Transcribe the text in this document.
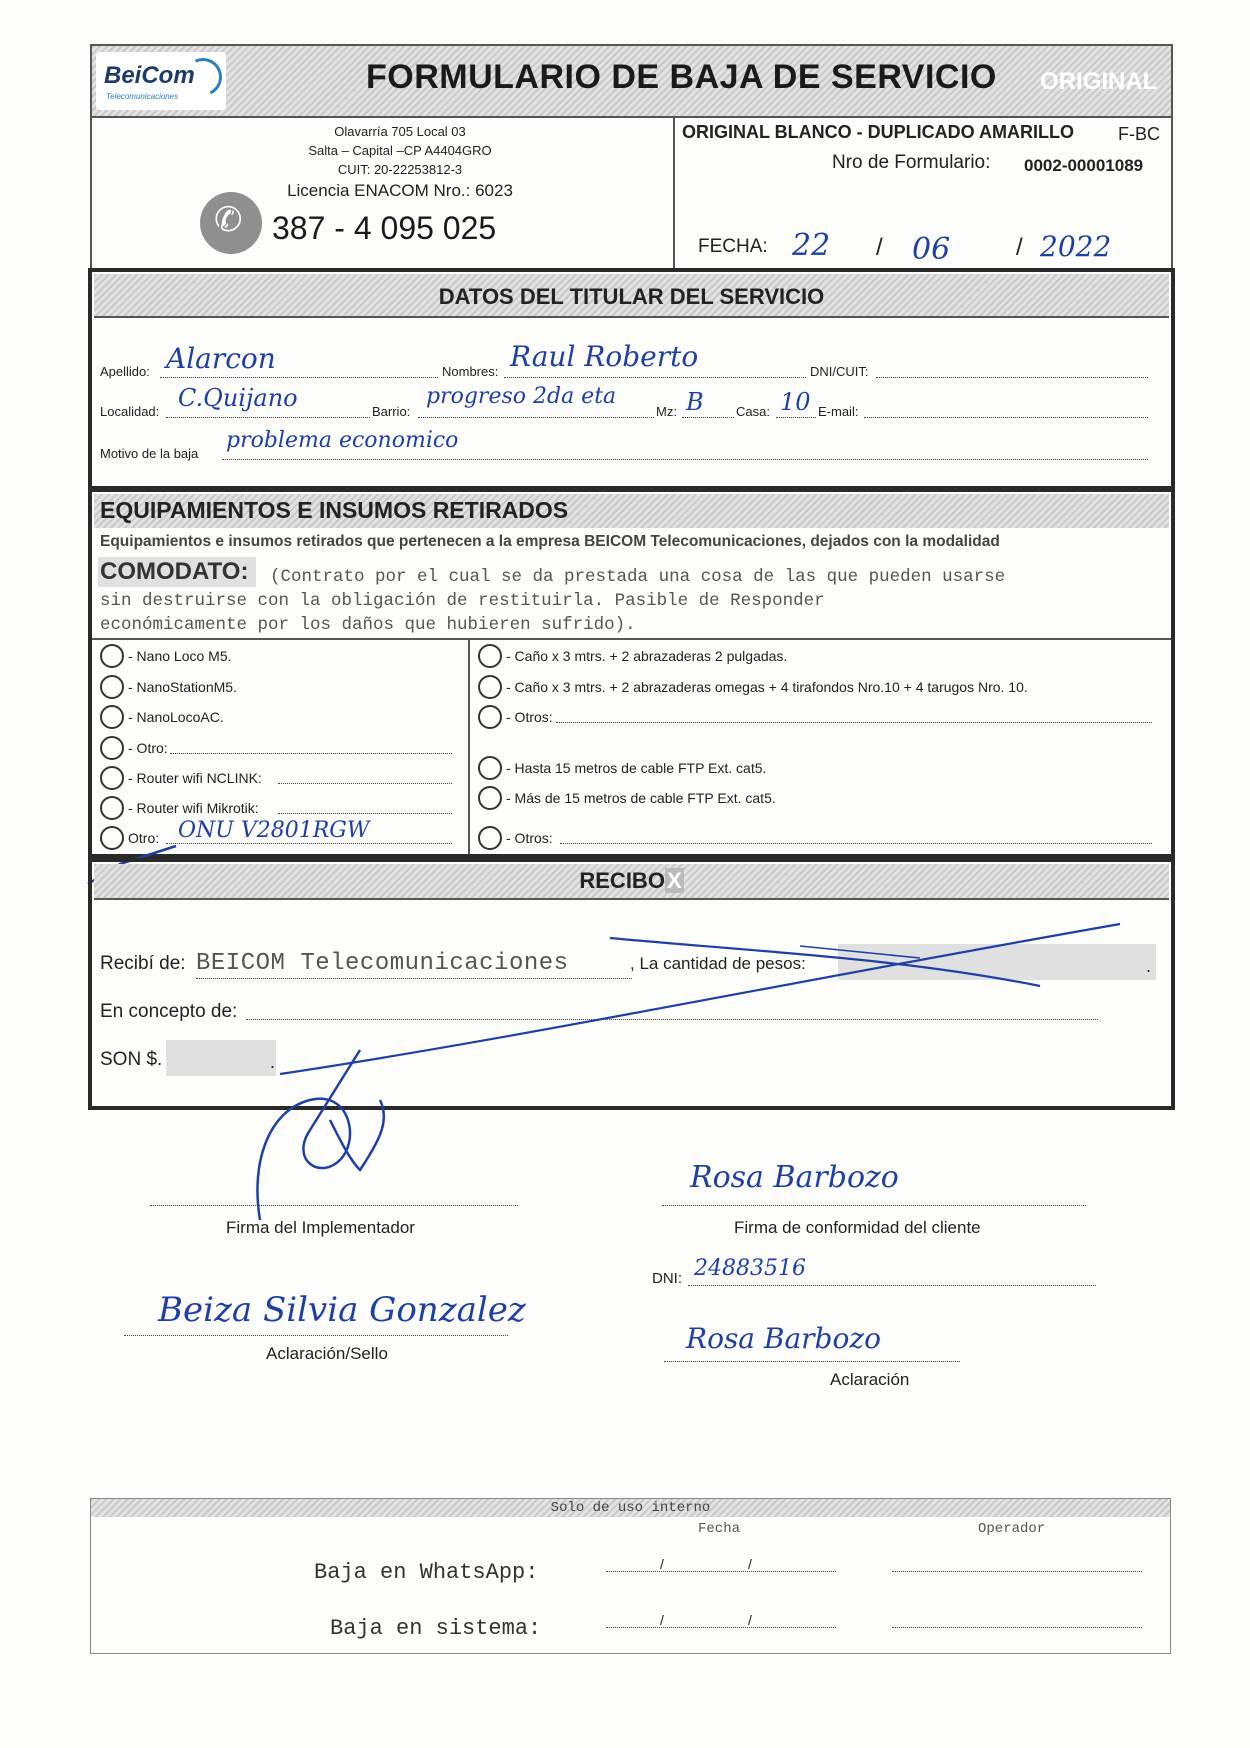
BeiCom
Telecomunicaciones
FORMULARIO DE BAJA DE SERVICIO ORIGINAL
Olavarría 705 Local 03
Salta – Capital –CP A4404GRO
CUIT: 20-22253812-3
Licencia ENACOM Nro.: 6023
✆ 387 - 4 095 025
ORIGINAL BLANCO - DUPLICADO AMARILLO F-BC
Nro de Formulario: 0002-00001089
FECHA: 22 / 06	/ 2022
DATOS DEL TITULAR DEL SERVICIO
Apellido: Alarcon	Nombres: Raul Roberto	DNI/CUIT:
Localidad: C.Quijano	Barrio:
progreso 2da eta
Mz: B Casa: 10 E-mail:
Motivo de la baja
problema economico
EQUIPAMIENTOS E INSUMOS RETIRADOS
Equipamientos e insumos retirados que pertenecen a la empresa BEICOM Telecomunicaciones, dejados con la modalidad
COMODATO: (Contrato por el cual se da prestada una cosa de las que pueden usarse
sin destruirse con la obligación de restituirla. Pasible de Responder
económicamente por los daños que hubieren sufrido).
- Nano Loco M5.
- NanoStationM5.
- NanoLocoAC.
- Otro:
- Router wifi NCLINK:
- Router wifi Mikrotik:
Otro: ONU V2801RGW
- Caño x 3 mtrs. + 2 abrazaderas 2 pulgadas.
- Caño x 3 mtrs. + 2 abrazaderas omegas + 4 tirafondos Nro.10 + 4 tarugos Nro. 10.
- Otros:
- Hasta 15 metros de cable FTP Ext. cat5.
- Más de 15 metros de cable FTP Ext. cat5.
- Otros:
RECIBOX
Recibí de: BEICOM Telecomunicaciones	, La cantidad de pesos:	.
En concepto de:
SON $.	.
Firma del Implementador
Rosa Barbozo
Firma de conformidad del cliente
DNI: 24883516
Beiza Silvia Gonzalez
Aclaración/Sello	Rosa Barbozo
Aclaración
Solo de uso interno
Fecha	Operador
Baja en WhatsApp:	/	/
Baja en sistema:	/	/
